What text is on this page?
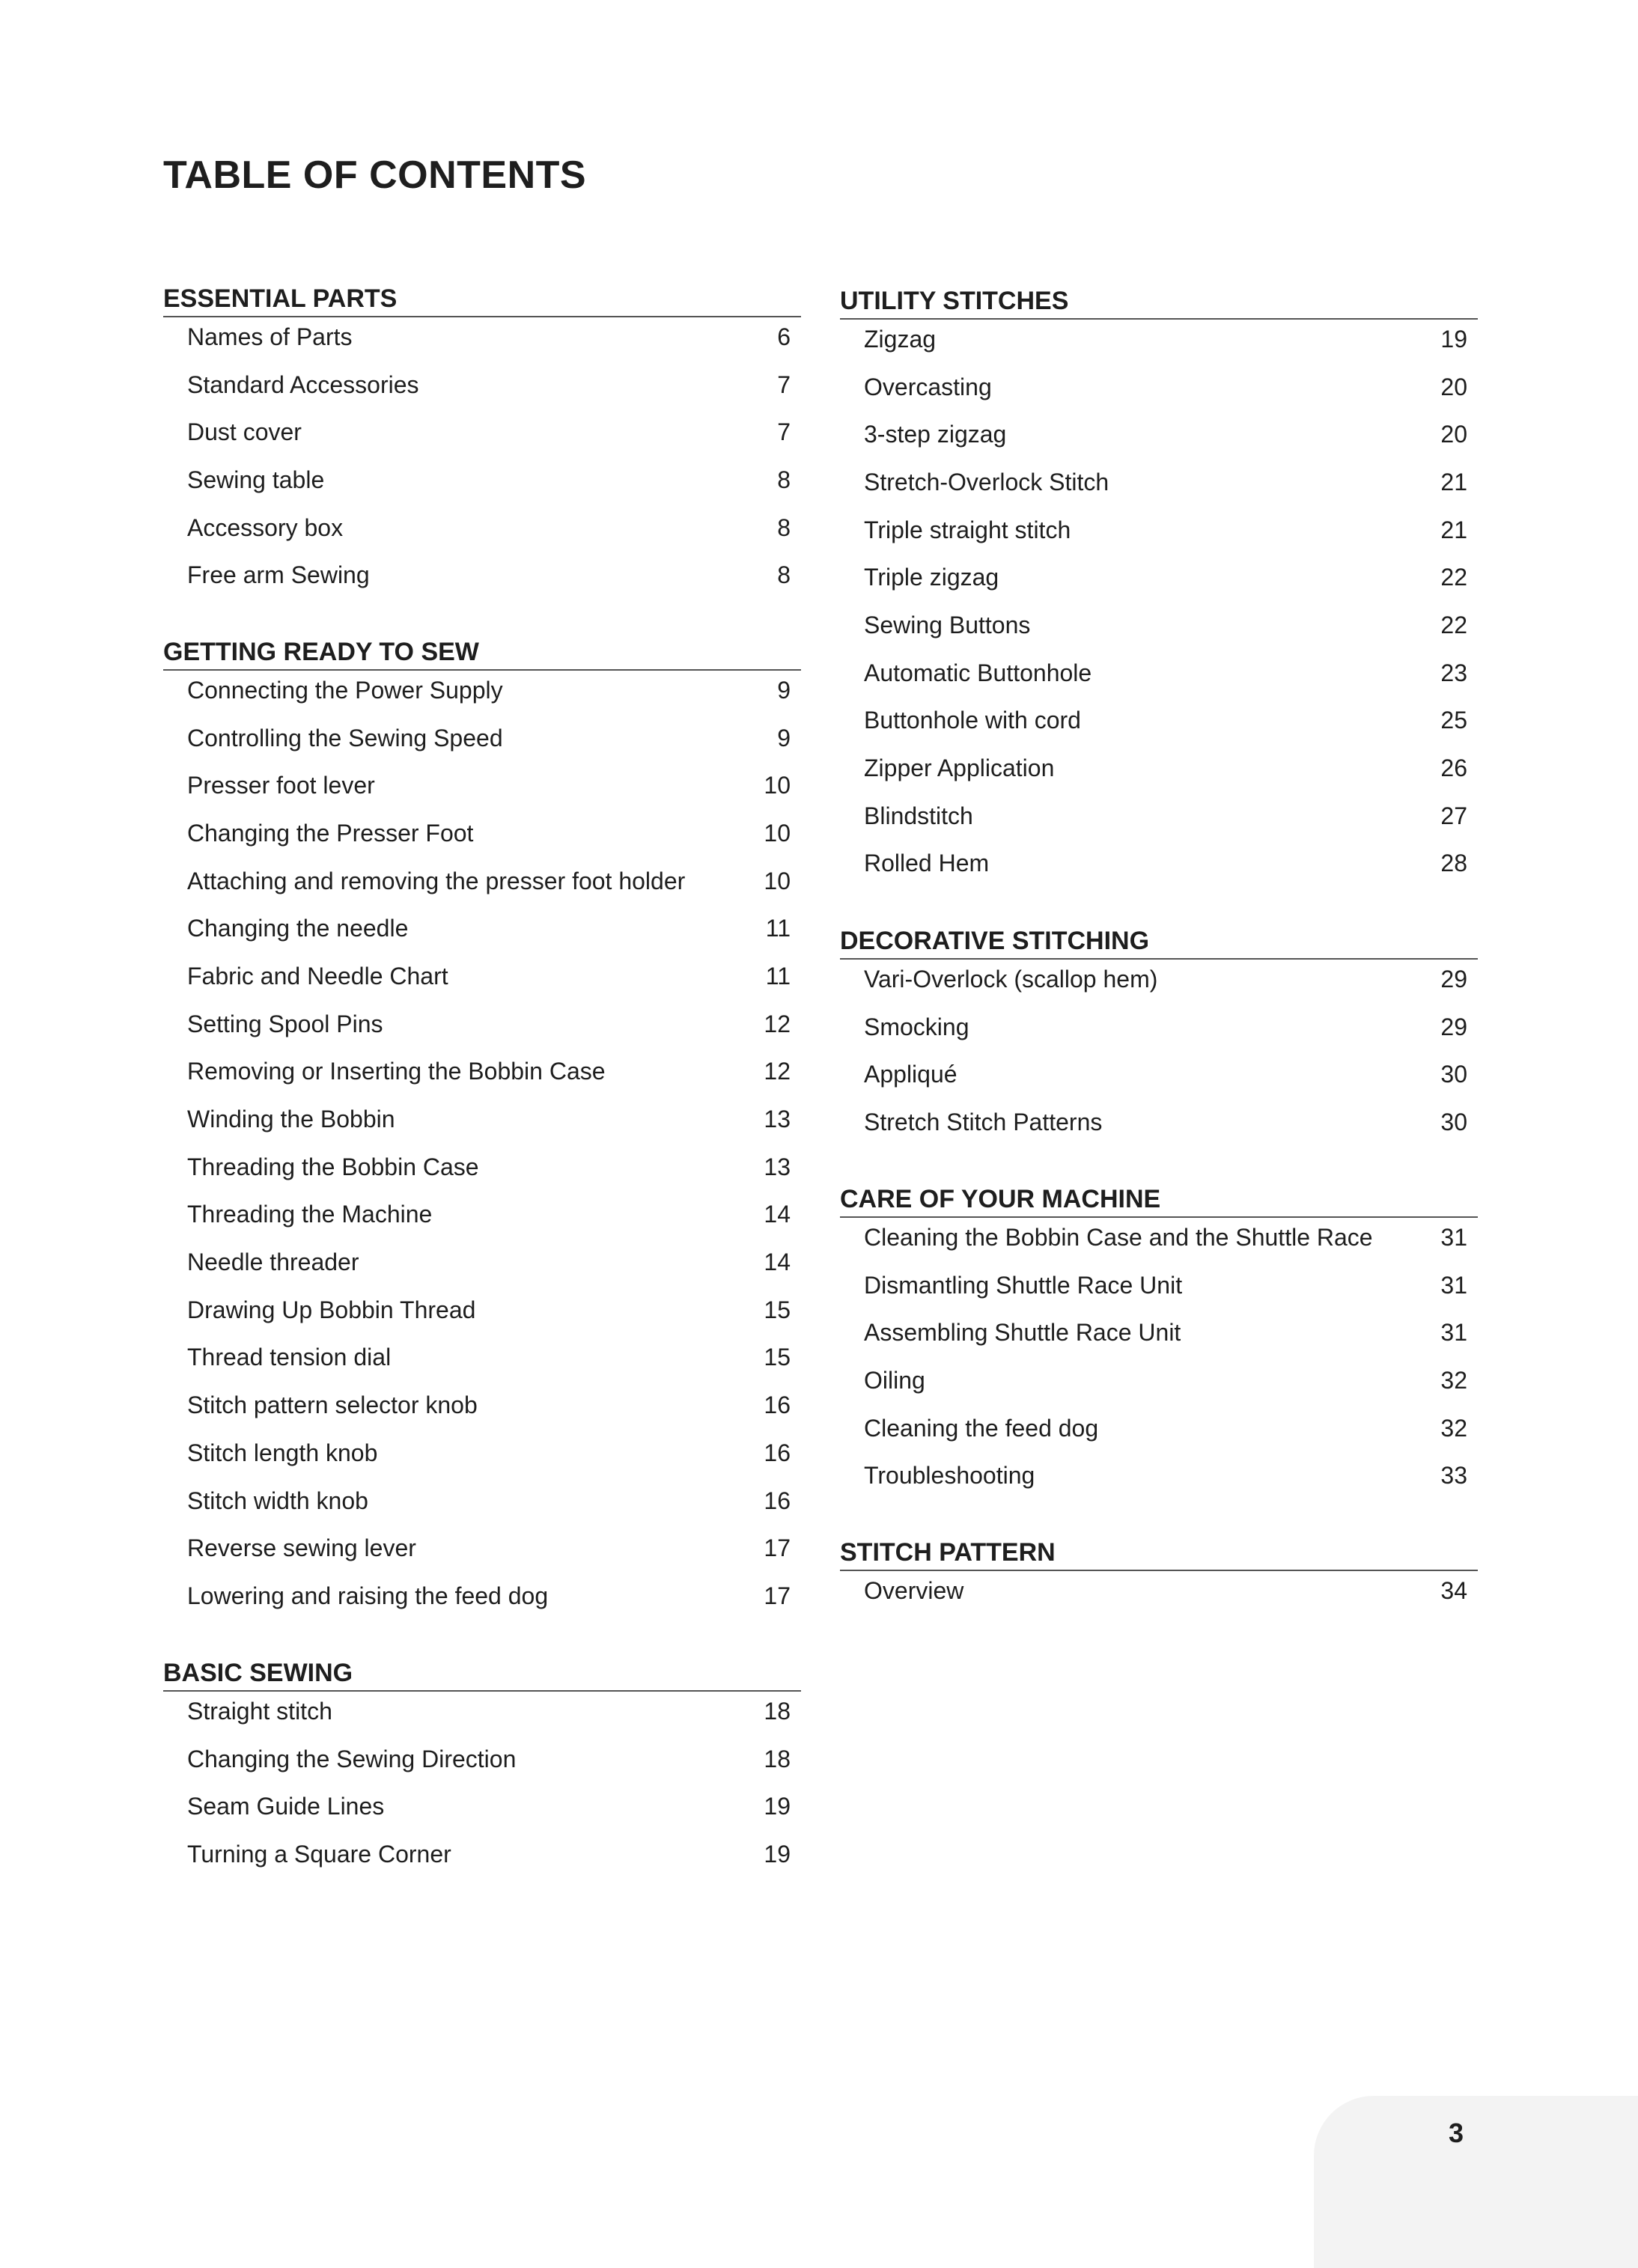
TABLE OF CONTENTS
ESSENTIAL PARTS
Names of Parts	6
Standard Accessories	7
Dust cover	7
Sewing table	8
Accessory box	8
Free arm Sewing	8
GETTING READY TO SEW
Connecting the Power Supply	9
Controlling the Sewing Speed	9
Presser foot lever	10
Changing the Presser Foot	10
Attaching and removing the presser foot holder	10
Changing the needle	11
Fabric and Needle Chart	11
Setting Spool Pins	12
Removing or Inserting the Bobbin Case	12
Winding the Bobbin	13
Threading the Bobbin Case	13
Threading the Machine	14
Needle threader	14
Drawing Up Bobbin Thread	15
Thread tension dial	15
Stitch pattern selector knob	16
Stitch length knob	16
Stitch width knob	16
Reverse sewing lever	17
Lowering and raising the feed dog	17
BASIC SEWING
Straight stitch	18
Changing the Sewing Direction	18
Seam Guide Lines	19
Turning a Square Corner	19
UTILITY STITCHES
Zigzag	19
Overcasting	20
3-step zigzag	20
Stretch-Overlock Stitch	21
Triple straight stitch	21
Triple zigzag	22
Sewing Buttons	22
Automatic Buttonhole	23
Buttonhole with cord	25
Zipper Application	26
Blindstitch	27
Rolled Hem	28
DECORATIVE STITCHING
Vari-Overlock (scallop hem)	29
Smocking	29
Appliqué	30
Stretch Stitch Patterns	30
CARE OF YOUR MACHINE
Cleaning the Bobbin Case and the Shuttle Race	31
Dismantling Shuttle Race Unit	31
Assembling Shuttle Race Unit	31
Oiling	32
Cleaning the feed dog	32
Troubleshooting	33
STITCH PATTERN
Overview	34
3
